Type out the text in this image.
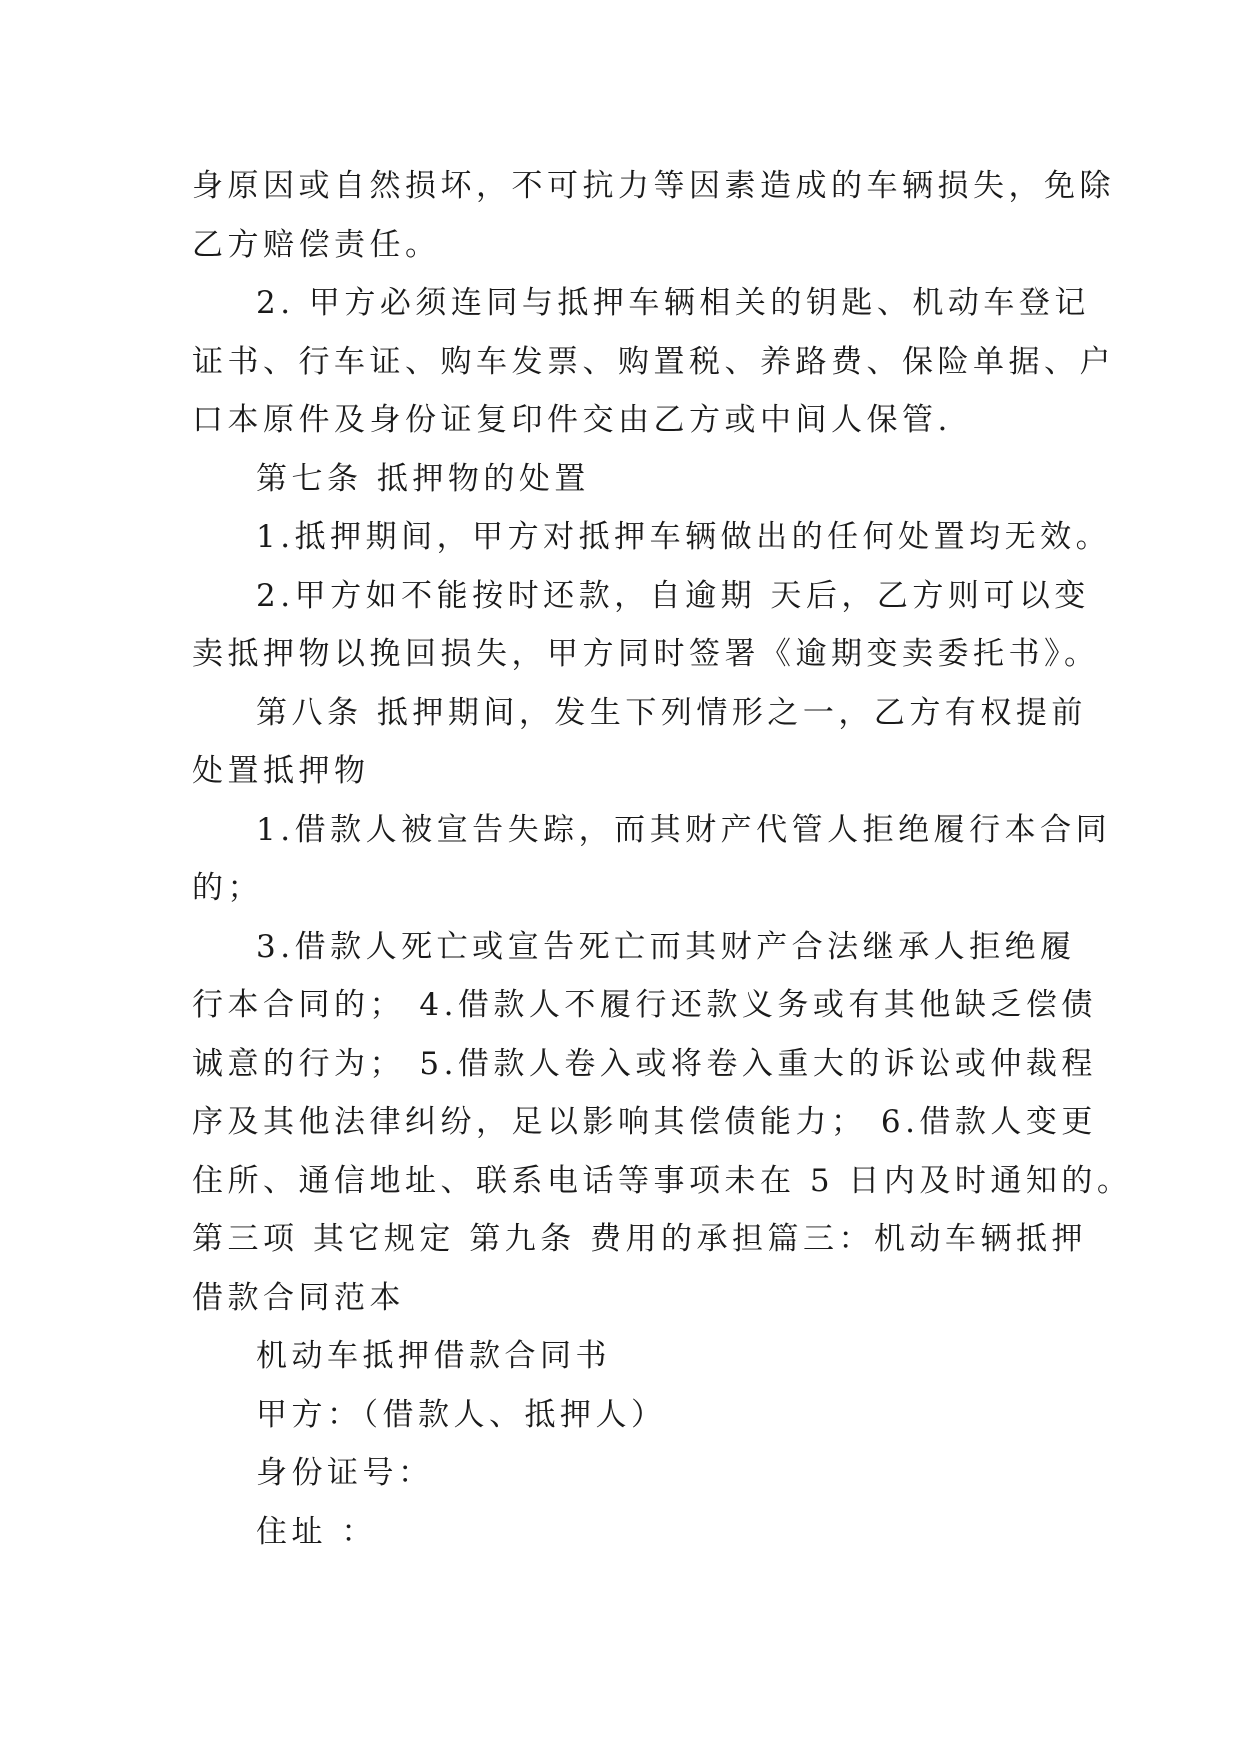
身原因或自然损坏，不可抗力等因素造成的车辆损失，免除
乙方赔偿责任。
2. 甲方必须连同与抵押车辆相关的钥匙、机动车登记
证书、行车证、购车发票、购置税、养路费、保险单据、户
口本原件及身份证复印件交由乙方或中间人保管.
第七条 抵押物的处置
1.抵押期间，甲方对抵押车辆做出的任何处置均无效。
2.甲方如不能按时还款，自逾期 天后，乙方则可以变
卖抵押物以挽回损失，甲方同时签署《逾期变卖委托书》。
第八条 抵押期间，发生下列情形之一，乙方有权提前
处置抵押物
1.借款人被宣告失踪，而其财产代管人拒绝履行本合同
的；
3.借款人死亡或宣告死亡而其财产合法继承人拒绝履
行本合同的； 4.借款人不履行还款义务或有其他缺乏偿债
诚意的行为； 5.借款人卷入或将卷入重大的诉讼或仲裁程
序及其他法律纠纷，足以影响其偿债能力； 6.借款人变更
住所、通信地址、联系电话等事项未在 5 日内及时通知的。
第三项 其它规定 第九条 费用的承担篇三：机动车辆抵押
借款合同范本
机动车抵押借款合同书
甲方：（借款人、抵押人）
身份证号：
住址 ：
